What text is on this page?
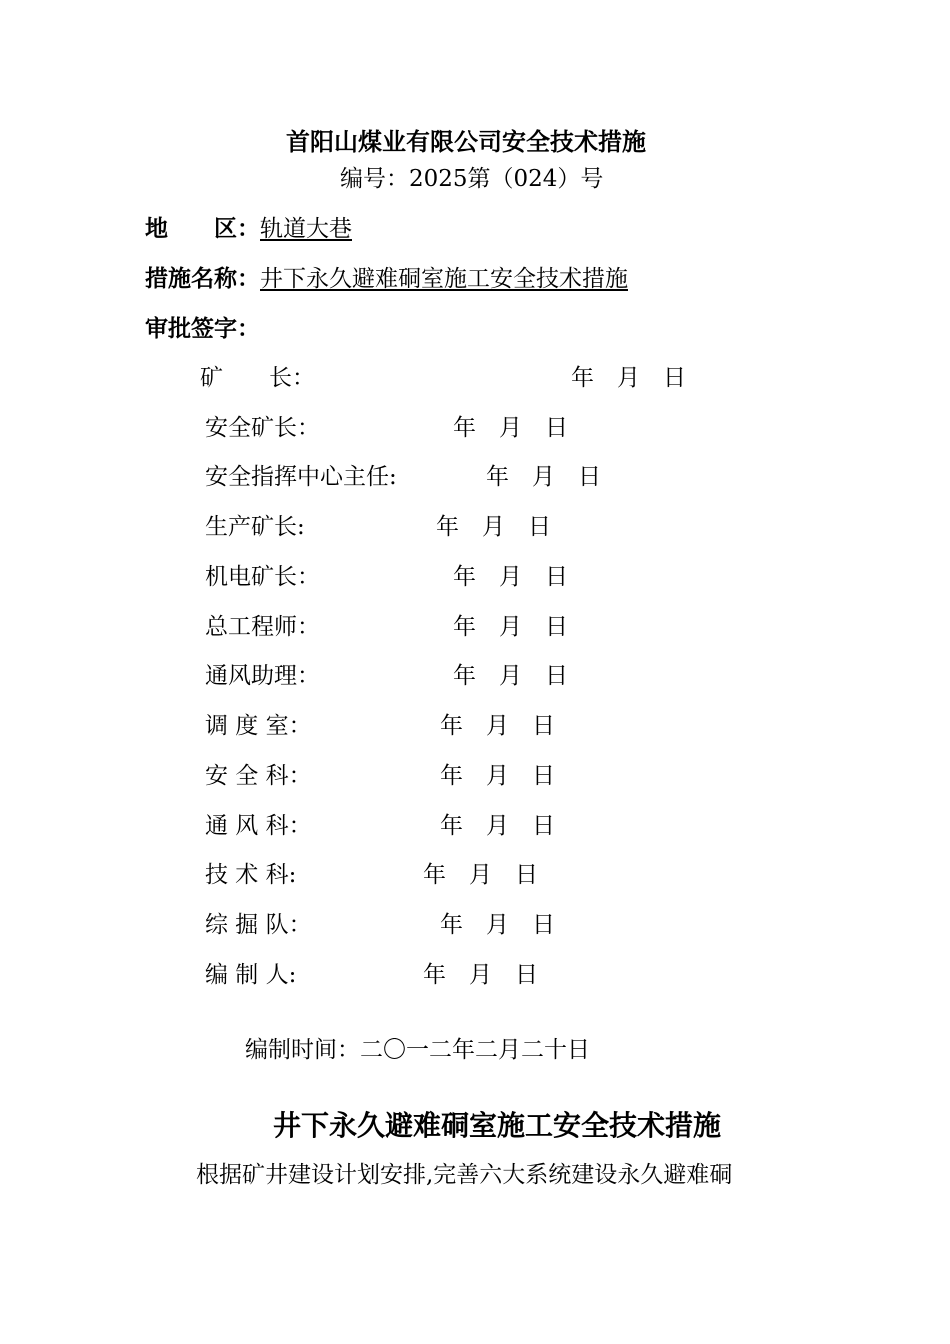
首阳山煤业有限公司安全技术措施
编号：2025第（024）号
地　　区：轨道大巷
措施名称：井下永久避难硐室施工安全技术措施
审批签字：
矿　　长：	年　月　日
安全矿长：	年　月　日
安全指挥中心主任:	年　月　日
生产矿长:	年　月　日
机电矿长：	年　月　日
总工程师：	年　月　日
通风助理：	年　月　日
调 度 室：	年　月　日
安 全 科：	年　月　日
通 风 科：	年　月　日
技 术 科:	年　月　日
综 掘 队：	年　月　日
编 制 人:	年　月　日
编制时间：二〇一二年二月二十日
井下永久避难硐室施工安全技术措施
根据矿井建设计划安排,完善六大系统建设永久避难硐
